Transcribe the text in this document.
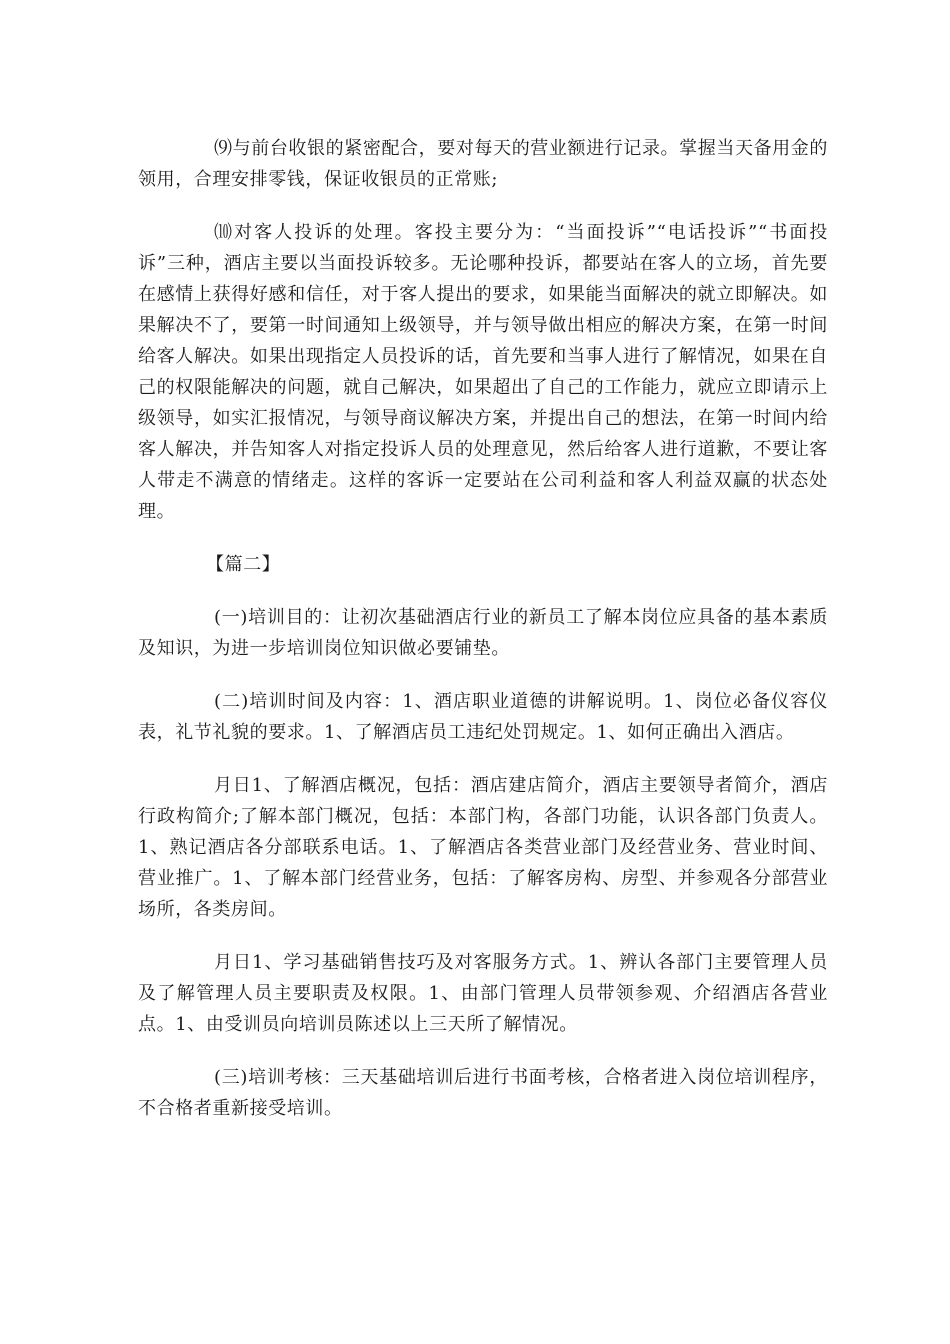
⑼与前台收银的紧密配合，要对每天的营业额进行记录。掌握当天备用金的领用，合理安排零钱，保证收银员的正常账;

⑽对客人投诉的处理。客投主要分为：“当面投诉”“电话投诉”“书面投诉”三种，酒店主要以当面投诉较多。无论哪种投诉，都要站在客人的立场，首先要在感情上获得好感和信任，对于客人提出的要求，如果能当面解决的就立即解决。如果解决不了，要第一时间通知上级领导，并与领导做出相应的解决方案，在第一时间给客人解决。如果出现指定人员投诉的话，首先要和当事人进行了解情况，如果在自己的权限能解决的问题，就自己解决，如果超出了自己的工作能力，就应立即请示上级领导，如实汇报情况，与领导商议解决方案，并提出自己的想法，在第一时间内给客人解决，并告知客人对指定投诉人员的处理意见，然后给客人进行道歉，不要让客人带走不满意的情绪走。这样的客诉一定要站在公司利益和客人利益双赢的状态处理。

【篇二】

(一)培训目的：让初次基础酒店行业的新员工了解本岗位应具备的基本素质及知识，为进一步培训岗位知识做必要铺垫。

(二)培训时间及内容：1、酒店职业道德的讲解说明。1、岗位必备仪容仪表，礼节礼貌的要求。1、了解酒店员工违纪处罚规定。1、如何正确出入酒店。

月日1、了解酒店概况，包括：酒店建店简介，酒店主要领导者简介，酒店行政构简介;了解本部门概况，包括：本部门构，各部门功能，认识各部门负责人。1、熟记酒店各分部联系电话。1、了解酒店各类营业部门及经营业务、营业时间、营业推广。1、了解本部门经营业务，包括：了解客房构、房型、并参观各分部营业场所，各类房间。

月日1、学习基础销售技巧及对客服务方式。1、辨认各部门主要管理人员及了解管理人员主要职责及权限。1、由部门管理人员带领参观、介绍酒店各营业点。1、由受训员向培训员陈述以上三天所了解情况。

(三)培训考核：三天基础培训后进行书面考核，合格者进入岗位培训程序，不合格者重新接受培训。
